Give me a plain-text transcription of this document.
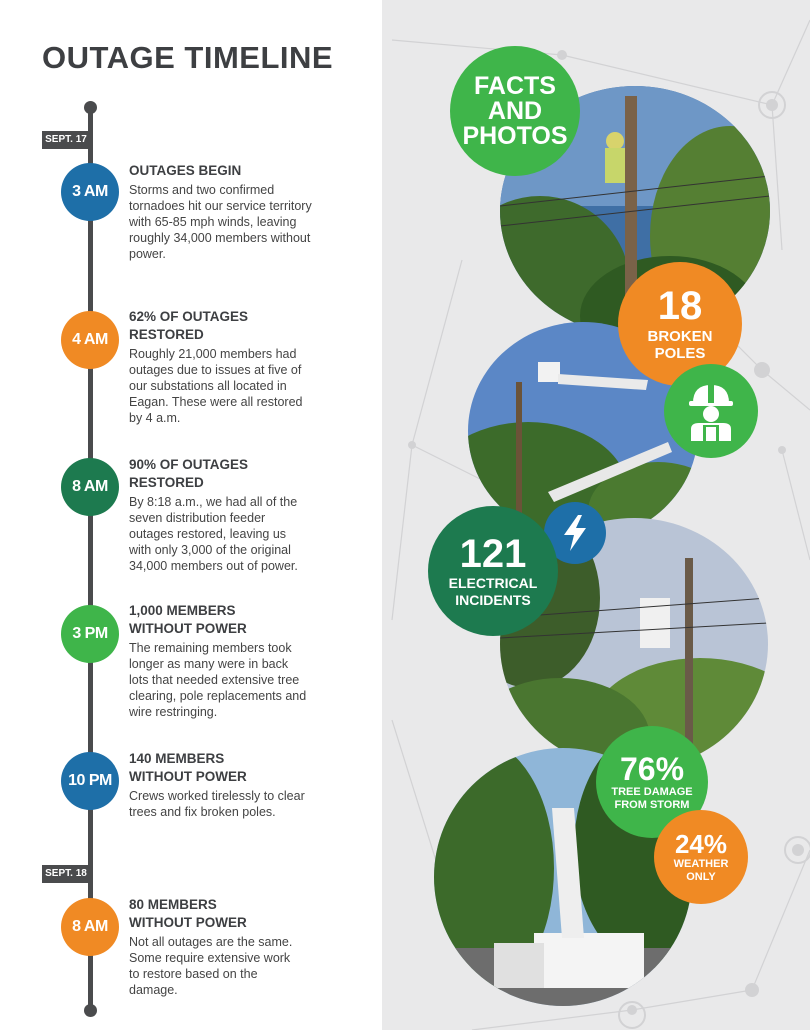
OUTAGE TIMELINE
SEPT. 17
SEPT. 18
3 AM
OUTAGES BEGIN
Storms and two confirmed tornadoes hit our service territory with 65-85 mph winds, leaving roughly 34,000 members without power.
4 AM
62% OF OUTAGES RESTORED
Roughly 21,000 members had outages due to issues at five of our substations all located in Eagan. These were all restored by 4 a.m.
8 AM
90% OF OUTAGES RESTORED
By 8:18 a.m., we had all of the seven distribution feeder outages restored, leaving us with only 3,000 of the original 34,000 members out of power.
3 PM
1,000 MEMBERS WITHOUT POWER
The remaining members took longer as many were in back lots that needed extensive tree clearing, pole replacements and wire restringing.
10 PM
140 MEMBERS WITHOUT POWER
Crews worked tirelessly to clear trees and fix broken poles.
8 AM
80 MEMBERS WITHOUT POWER
Not all outages are the same. Some require extensive work to restore based on the damage.
FACTS
AND
PHOTOS
18
BROKEN
POLES
121
ELECTRICAL
INCIDENTS
76%
TREE DAMAGE
FROM STORM
24%
WEATHER
ONLY
